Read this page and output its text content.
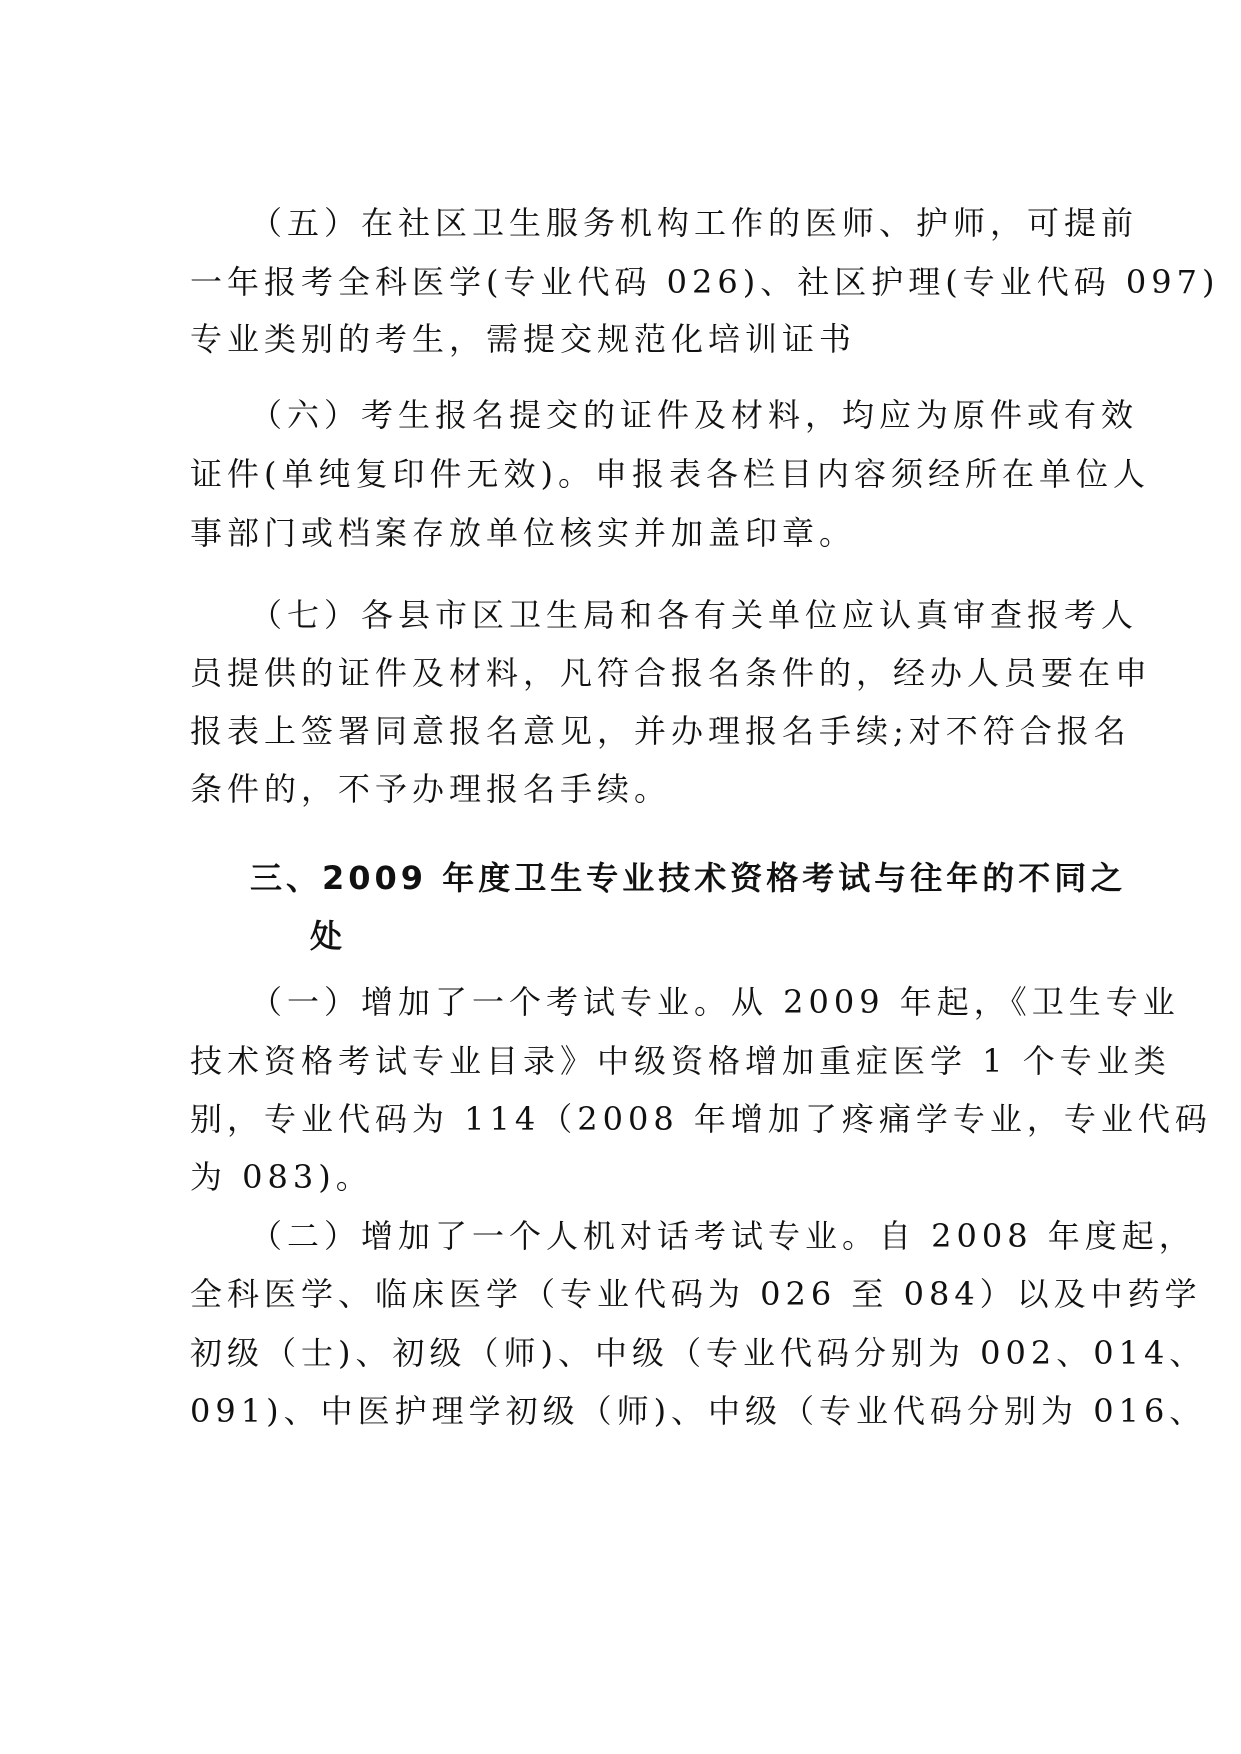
（五）在社区卫生服务机构工作的医师、护师，可提前
一年报考全科医学(专业代码 026)、社区护理(专业代码 097)
专业类别的考生，需提交规范化培训证书
（六）考生报名提交的证件及材料，均应为原件或有效
证件(单纯复印件无效)。申报表各栏目内容须经所在单位人
事部门或档案存放单位核实并加盖印章。
（七）各县市区卫生局和各有关单位应认真审查报考人
员提供的证件及材料，凡符合报名条件的，经办人员要在申
报表上签署同意报名意见，并办理报名手续;对不符合报名
条件的，不予办理报名手续。
三、2009 年度卫生专业技术资格考试与往年的不同之
处
（一）增加了一个考试专业。从 2009 年起，《卫生专业
技术资格考试专业目录》中级资格增加重症医学 1 个专业类
别，专业代码为 114（2008 年增加了疼痛学专业，专业代码
为 083)。
（二）增加了一个人机对话考试专业。自 2008 年度起，
全科医学、临床医学（专业代码为 026 至 084）以及中药学
初级（士)、初级（师)、中级（专业代码分别为 002、014、
091)、中医护理学初级（师)、中级（专业代码分别为 016、
